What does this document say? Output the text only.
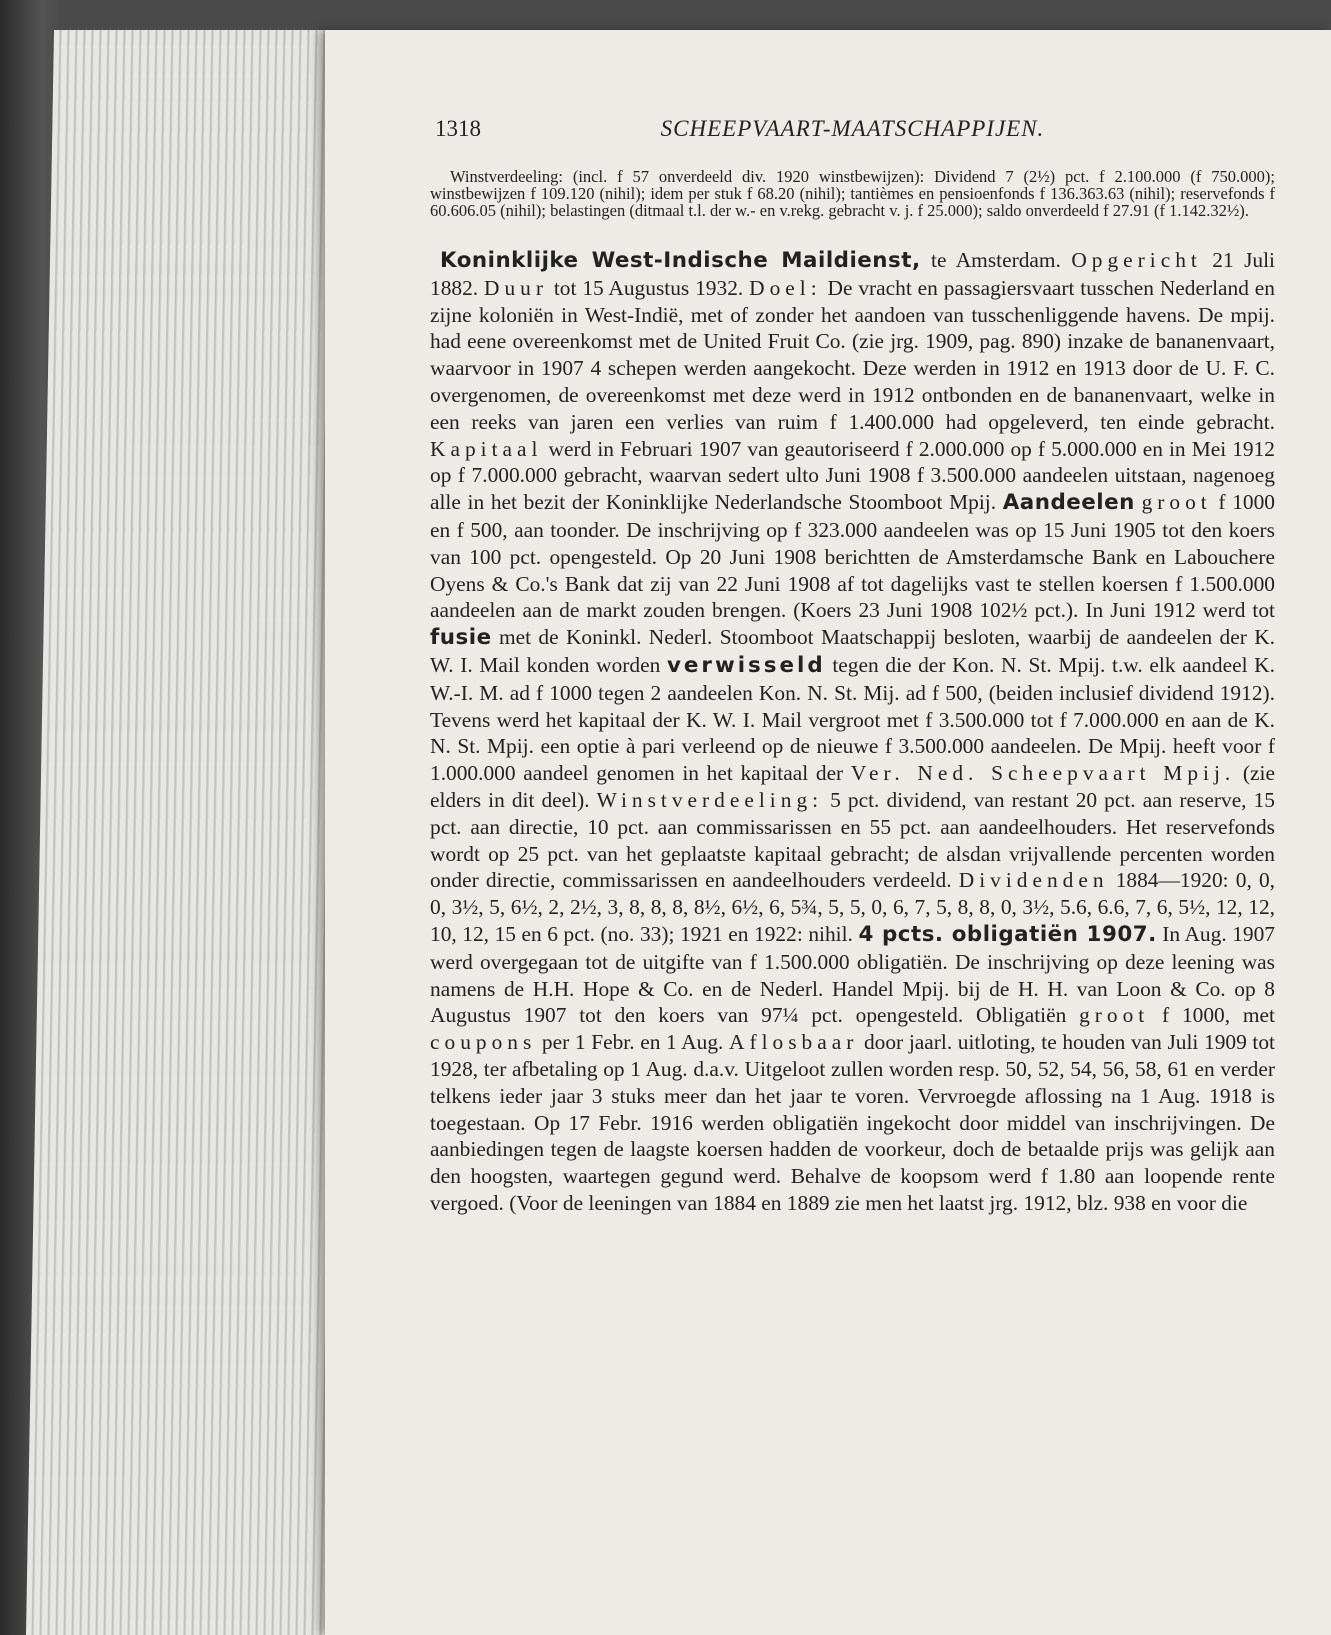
1318	SCHEEPVAART-MAATSCHAPPIJEN.

Winstverdeeling: (incl. f 57 onverdeeld div. 1920 winstbewijzen): Dividend 7 (2½) pct. f 2.100.000 (f 750.000); winstbewijzen f 109.120 (nihil); idem per stuk f 68.20 (nihil); tantièmes en pensioenfonds f 136.363.63 (nihil); reservefonds f 60.606.05 (nihil); belastingen (ditmaal t.l. der w.- en v.rekg. gebracht v. j. f 25.000); saldo onverdeeld f 27.91 (f 1.142.32½).

Koninklijke West-Indische Maildienst, te Amsterdam. Opgericht 21 Juli 1882. Duur tot 15 Augustus 1932. Doel: De vracht en passagiersvaart tusschen Nederland en zijne koloniën in West-Indië, met of zonder het aandoen van tusschenliggende havens. De mpij. had eene overeenkomst met de United Fruit Co. (zie jrg. 1909, pag. 890) inzake de bananenvaart, waarvoor in 1907 4 schepen werden aangekocht. Deze werden in 1912 en 1913 door de U. F. C. overgenomen, de overeenkomst met deze werd in 1912 ontbonden en de bananenvaart, welke in een reeks van jaren een verlies van ruim f 1.400.000 had opgeleverd, ten einde gebracht. Kapitaal werd in Februari 1907 van geautoriseerd f 2.000.000 op f 5.000.000 en in Mei 1912 op f 7.000.000 gebracht, waarvan sedert ulto Juni 1908 f 3.500.000 aandeelen uitstaan, nagenoeg alle in het bezit der Koninklijke Nederlandsche Stoomboot Mpij. Aandeelen groot f 1000 en f 500, aan toonder. De inschrijving op f 323.000 aandeelen was op 15 Juni 1905 tot den koers van 100 pct. opengesteld. Op 20 Juni 1908 berichtten de Amsterdamsche Bank en Labouchere Oyens & Co.'s Bank dat zij van 22 Juni 1908 af tot dagelijks vast te stellen koersen f 1.500.000 aandeelen aan de markt zouden brengen. (Koers 23 Juni 1908 102½ pct.). In Juni 1912 werd tot fusie met de Koninkl. Nederl. Stoomboot Maatschappij besloten, waarbij de aandeelen der K. W. I. Mail konden worden verwisseld tegen die der Kon. N. St. Mpij. t.w. elk aandeel K. W.-I. M. ad f 1000 tegen 2 aandeelen Kon. N. St. Mij. ad f 500, (beiden inclusief dividend 1912). Tevens werd het kapitaal der K. W. I. Mail vergroot met f 3.500.000 tot f 7.000.000 en aan de K. N. St. Mpij. een optie à pari verleend op de nieuwe f 3.500.000 aandeelen. De Mpij. heeft voor f 1.000.000 aandeel genomen in het kapitaal der Ver. Ned. Scheepvaart Mpij. (zie elders in dit deel). Winstverdeeling: 5 pct. dividend, van restant 20 pct. aan reserve, 15 pct. aan directie, 10 pct. aan commissarissen en 55 pct. aan aandeelhouders. Het reservefonds wordt op 25 pct. van het geplaatste kapitaal gebracht; de alsdan vrijvallende percenten worden onder directie, commissarissen en aandeelhouders verdeeld. Dividenden 1884—1920: 0, 0, 0, 3½, 5, 6½, 2, 2½, 3, 8, 8, 8, 8½, 6½, 6, 5¾, 5, 5, 0, 6, 7, 5, 8, 8, 0, 3½, 5.6, 6.6, 7, 6, 5½, 12, 12, 10, 12, 15 en 6 pct. (no. 33); 1921 en 1922: nihil. 4 pcts. obligatiën 1907. In Aug. 1907 werd overgegaan tot de uitgifte van f 1.500.000 obligatiën. De inschrijving op deze leening was namens de H.H. Hope & Co. en de Nederl. Handel Mpij. bij de H. H. van Loon & Co. op 8 Augustus 1907 tot den koers van 97¼ pct. opengesteld. Obligatiën groot f 1000, met coupons per 1 Febr. en 1 Aug. Aflosbaar door jaarl. uitloting, te houden van Juli 1909 tot 1928, ter afbetaling op 1 Aug. d.a.v. Uitgeloot zullen worden resp. 50, 52, 54, 56, 58, 61 en verder telkens ieder jaar 3 stuks meer dan het jaar te voren. Vervroegde aflossing na 1 Aug. 1918 is toegestaan. Op 17 Febr. 1916 werden obligatiën ingekocht door middel van inschrijvingen. De aanbiedingen tegen de laagste koersen hadden de voorkeur, doch de betaalde prijs was gelijk aan den hoogsten, waartegen gegund werd. Behalve de koopsom werd f 1.80 aan loopende rente vergoed. (Voor de leeningen van 1884 en 1889 zie men het laatst jrg. 1912, blz. 938 en voor die
